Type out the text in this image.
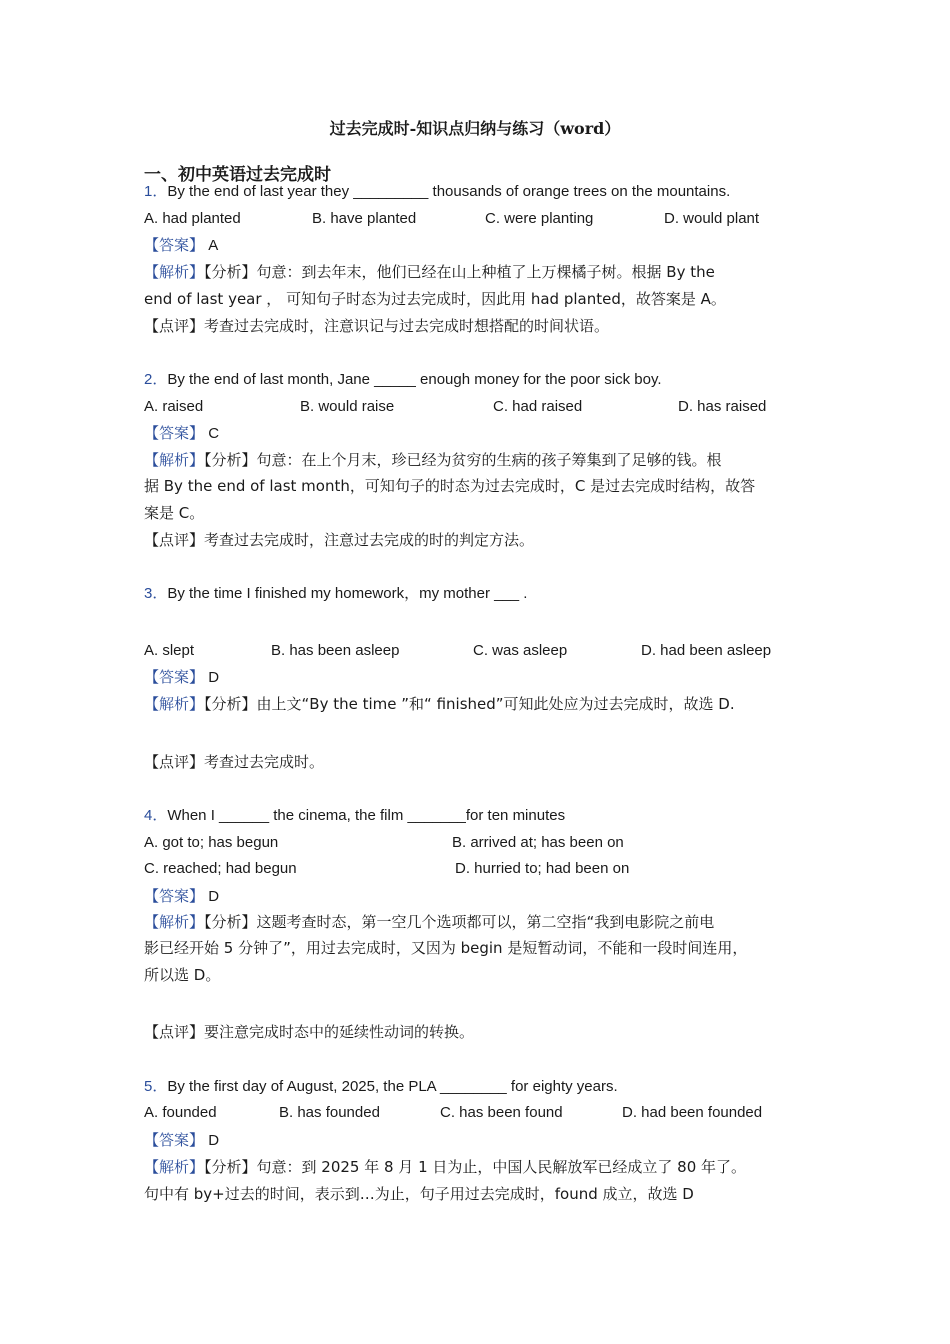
过去完成时-知识点归纳与练习（word）
一、初中英语过去完成时
1．By the end of last year they _________ thousands of orange trees on the mountains.
A. had planted	B. have planted	C. were planting	D. would plant
【答案】 A
【解析】【分析】句意：到去年末，他们已经在山上种植了上万棵橘子树。根据 By the
end of last year ， 可知句子时态为过去完成时，因此用 had planted，故答案是 A。
【点评】考查过去完成时，注意识记与过去完成时想搭配的时间状语。
2．By the end of last month, Jane _____ enough money for the poor sick boy.
A. raised	B. would raise	C. had raised	D. has raised
【答案】 C
【解析】【分析】句意：在上个月末，珍已经为贫穷的生病的孩子筹集到了足够的钱。根
据 By the end of last month，可知句子的时态为过去完成时，C 是过去完成时结构，故答
案是 C。
【点评】考查过去完成时，注意过去完成的时的判定方法。
3．By the time I finished my homework，my mother ___ .
A. slept	B. has been asleep	C. was asleep	D. had been asleep
【答案】 D
【解析】【分析】由上文“By the time ”和“ finished”可知此处应为过去完成时，故选 D.
【点评】考查过去完成时。
4．When I ______ the cinema, the film _______for ten minutes
A. got to; has begun	B. arrived at; has been on
C. reached; had begun	D. hurried to; had been on
【答案】 D
【解析】【分析】这题考查时态，第一空几个选项都可以，第二空指“我到电影院之前电
影已经开始 5 分钟了”，用过去完成时，又因为 begin 是短暂动词，不能和一段时间连用，
所以选 D。
【点评】要注意完成时态中的延续性动词的转换。
5．By the first day of August, 2025, the PLA ________ for eighty years.
A. founded	B. has founded	C. has been found	D. had been founded
【答案】 D
【解析】【分析】句意：到 2025 年 8 月 1 日为止，中国人民解放军已经成立了 80 年了。
句中有 by+过去的时间，表示到…为止，句子用过去完成时，found 成立，故选 D
